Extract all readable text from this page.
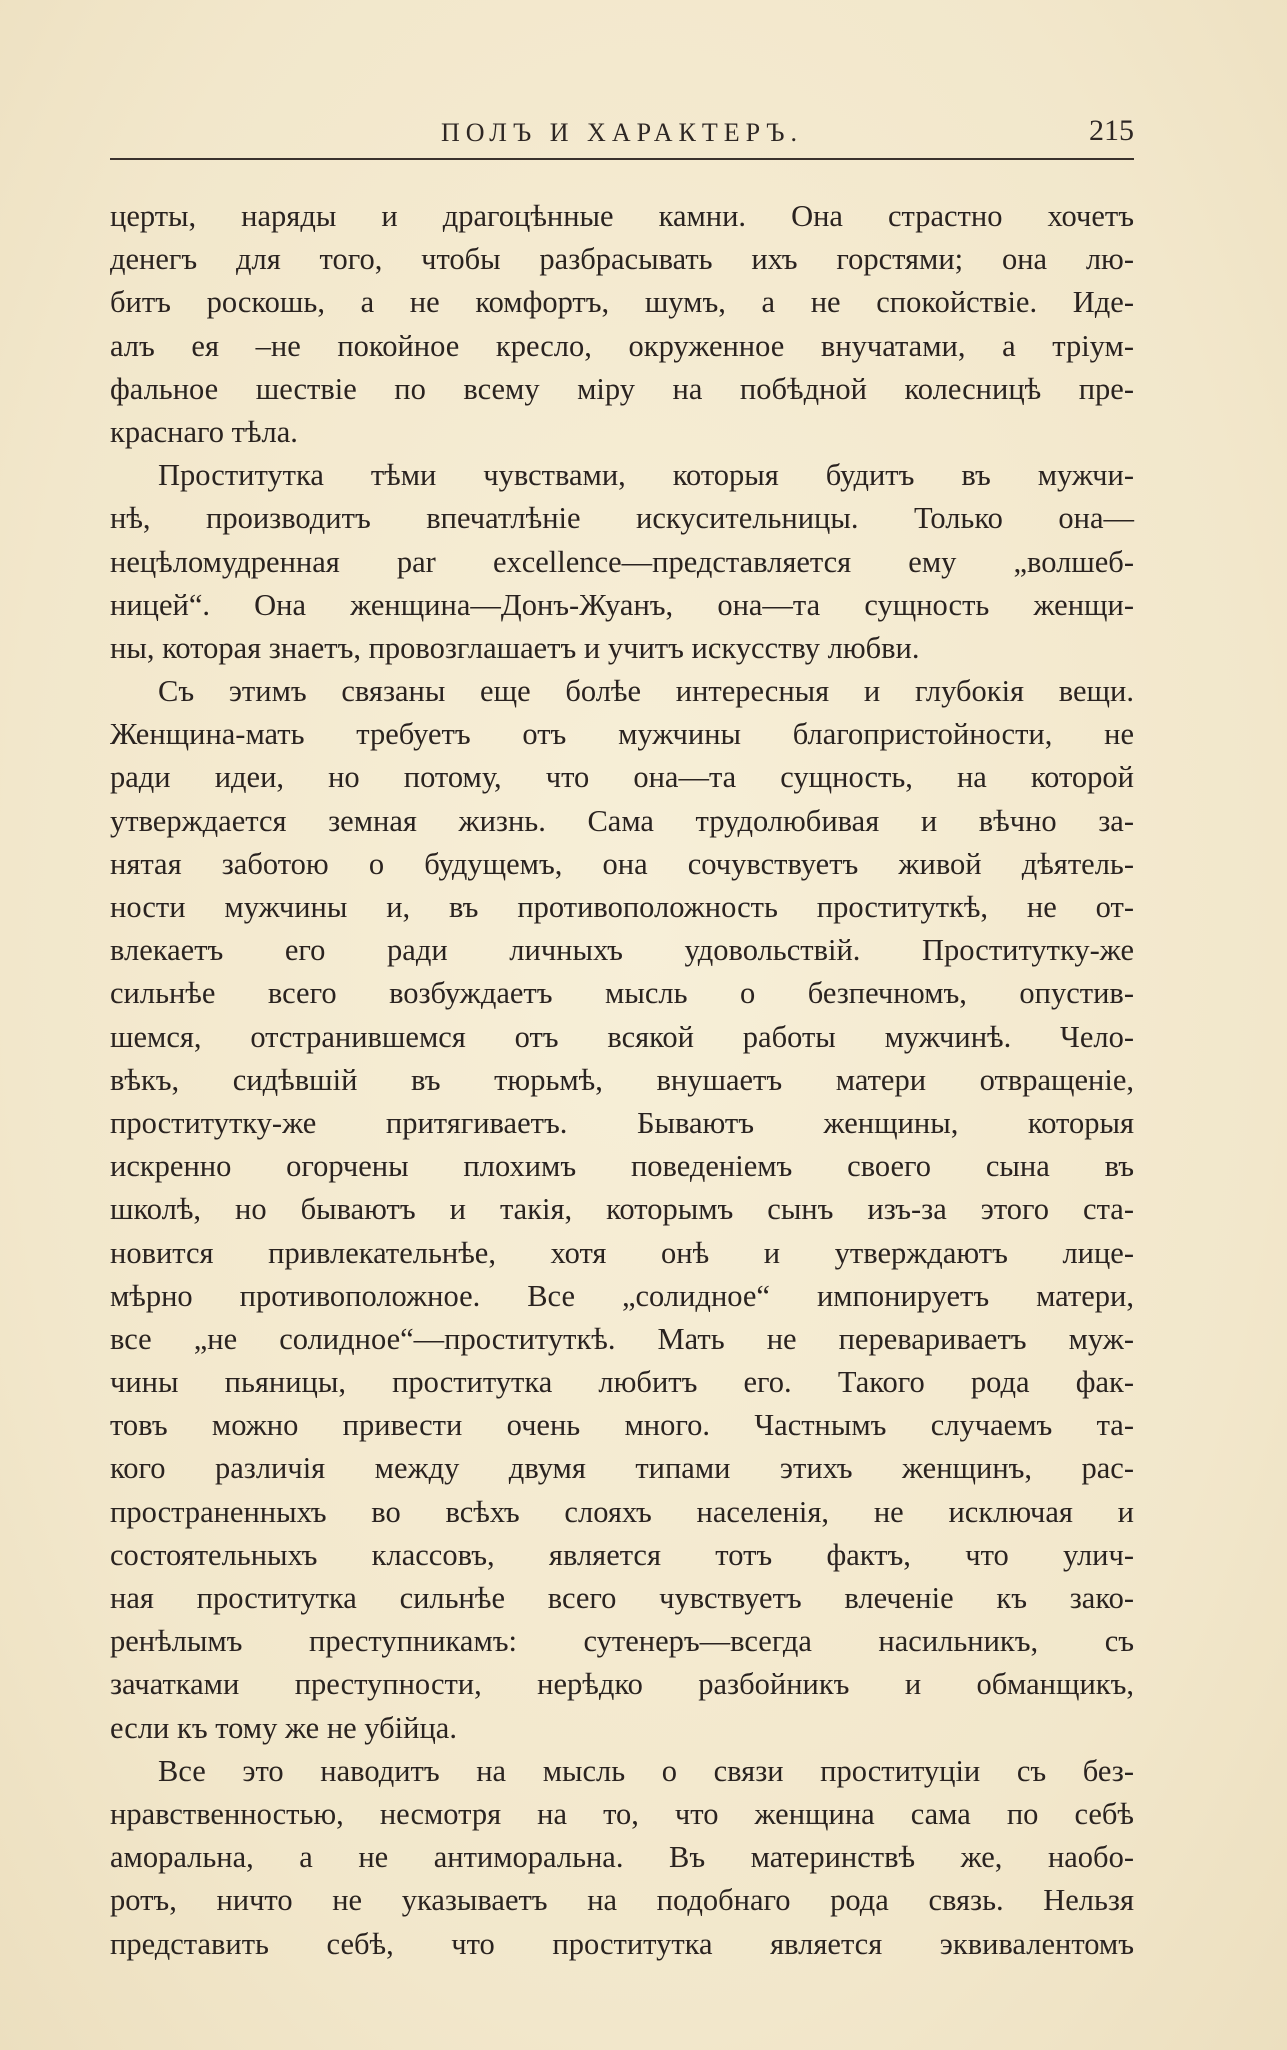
ПОЛЪ И ХАРАКТЕРЪ.	215
церты, наряды и драгоцѣнные камни. Она страстно хочетъ
денегъ для того, чтобы разбрасывать ихъ горстями; она лю-
битъ роскошь, а не комфортъ, шумъ, а не спокойствіе. Иде-
алъ ея –не покойное кресло, окруженное внучатами, а тріум-
фальное шествіе по всему міру на побѣдной колесницѣ пре-
краснаго тѣла.
Проститутка тѣми чувствами, которыя будитъ въ мужчи-
нѣ, производитъ впечатлѣніе искусительницы. Только она—
нецѣломудренная par excellence—представляется ему „волшеб-
ницей“. Она женщина—Донъ-Жуанъ, она—та сущность женщи-
ны, которая знаетъ, провозглашаетъ и учитъ искусству любви.
Съ этимъ связаны еще болѣе интересныя и глубокія вещи.
Женщина-мать требуетъ отъ мужчины благопристойности, не
ради идеи, но потому, что она—та сущность, на которой
утверждается земная жизнь. Сама трудолюбивая и вѣчно за-
нятая заботою о будущемъ, она сочувствуетъ живой дѣятель-
ности мужчины и, въ противоположность проституткѣ, не от-
влекаетъ его ради личныхъ удовольствій. Проститутку-же
сильнѣе всего возбуждаетъ мысль о безпечномъ, опустив-
шемся, отстранившемся отъ всякой работы мужчинѣ. Чело-
вѣкъ, сидѣвшій въ тюрьмѣ, внушаетъ матери отвращеніе,
проститутку-же притягиваетъ. Бываютъ женщины, которыя
искренно огорчены плохимъ поведеніемъ своего сына въ
школѣ, но бываютъ и такія, которымъ сынъ изъ-за этого ста-
новится привлекательнѣе, хотя онѣ и утверждаютъ лице-
мѣрно противоположное. Все „солидное“ импонируетъ матери,
все „не солидное“—проституткѣ. Мать не перевариваетъ муж-
чины пьяницы, проститутка любитъ его. Такого рода фак-
товъ можно привести очень много. Частнымъ случаемъ та-
кого различія между двумя типами этихъ женщинъ, рас-
пространенныхъ во всѣхъ слояхъ населенія, не исключая и
состоятельныхъ классовъ, является тотъ фактъ, что улич-
ная проститутка сильнѣе всего чувствуетъ влеченіе къ зако-
ренѣлымъ преступникамъ: сутенеръ—всегда насильникъ, съ
зачатками преступности, нерѣдко разбойникъ и обманщикъ,
если къ тому же не убійца.
Все это наводитъ на мысль о связи проституціи съ без-
нравственностью, несмотря на то, что женщина сама по себѣ
аморальна, а не антиморальна. Въ материнствѣ же, наобо-
ротъ, ничто не указываетъ на подобнаго рода связь. Нельзя
представить себѣ, что проститутка является эквивалентомъ
